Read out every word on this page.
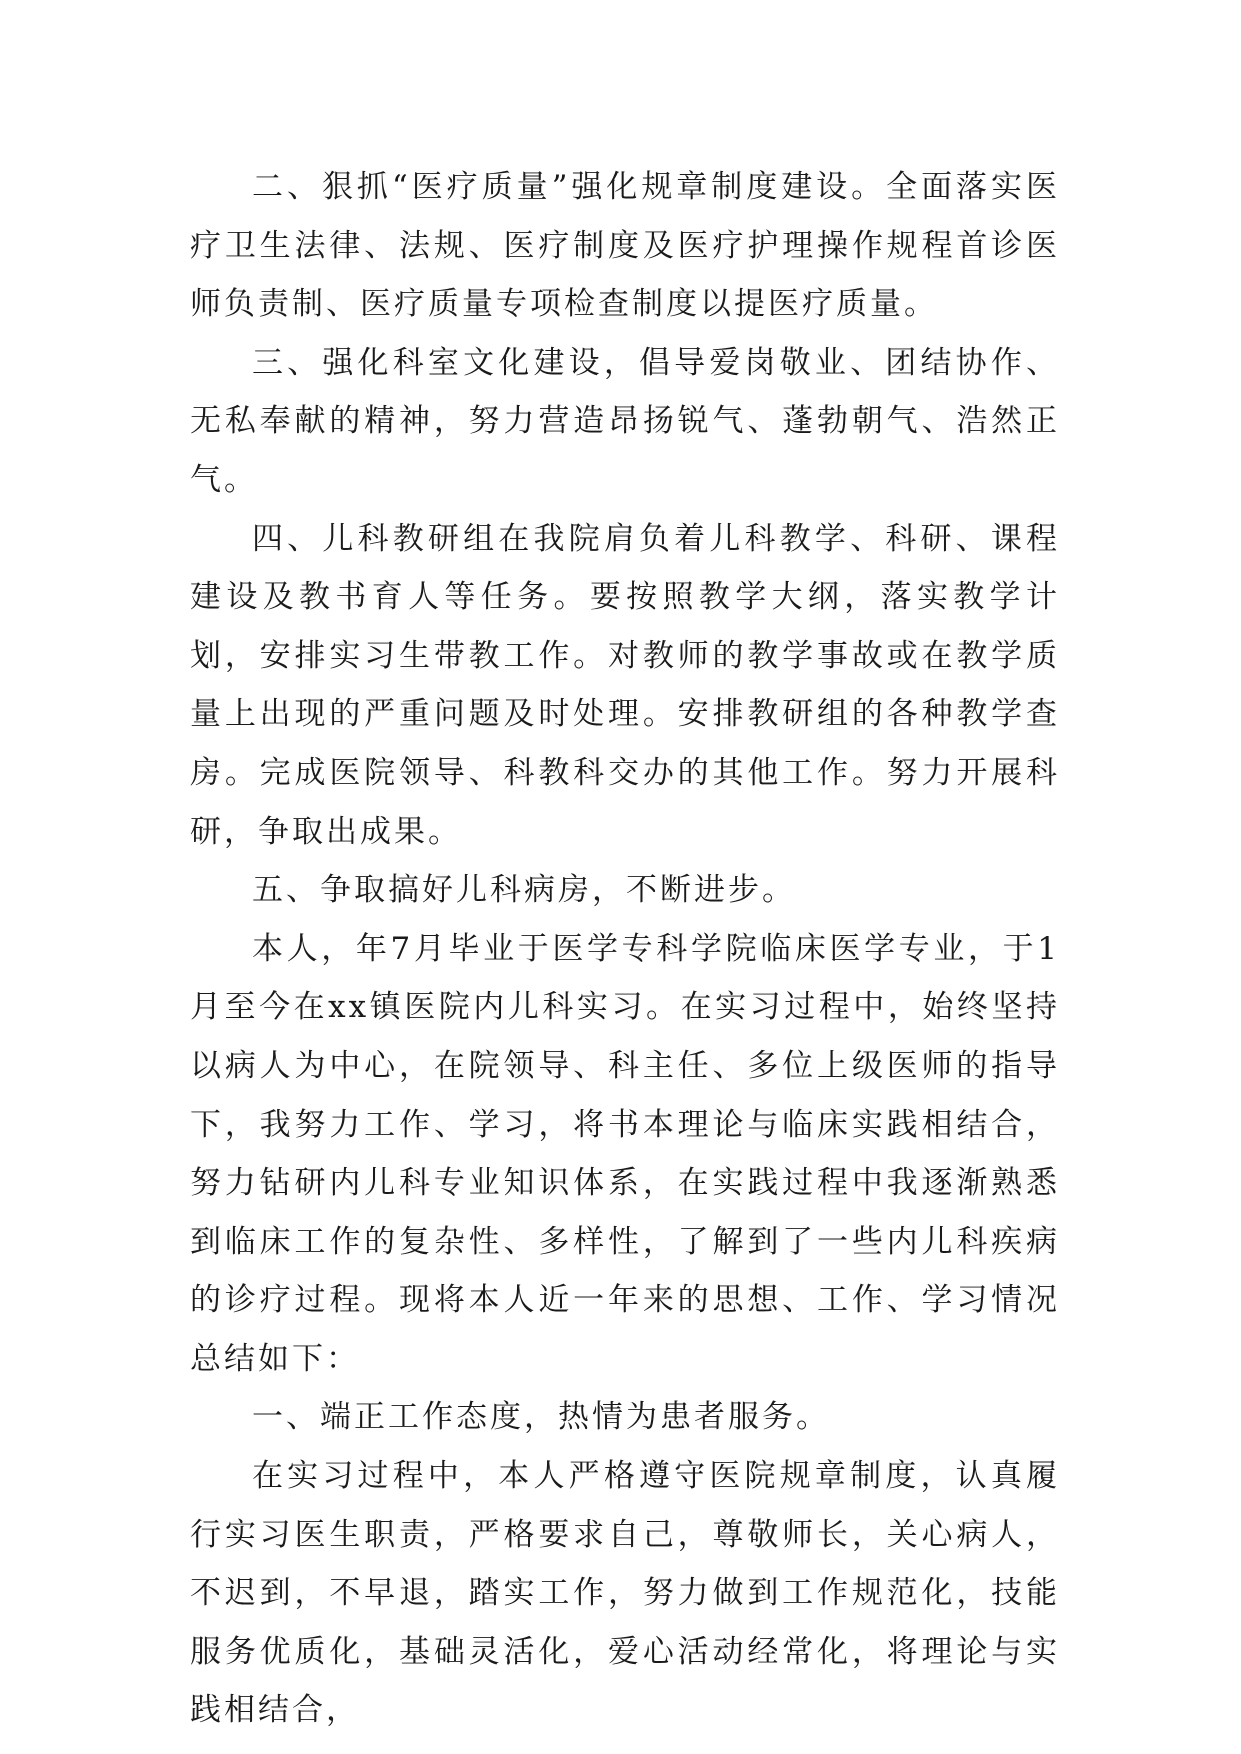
二、狠抓“医疗质量”强化规章制度建设。全面落实医疗卫生法律、法规、医疗制度及医疗护理操作规程首诊医师负责制、医疗质量专项检查制度以提医疗质量。

三、强化科室文化建设，倡导爱岗敬业、团结协作、无私奉献的精神，努力营造昂扬锐气、蓬勃朝气、浩然正气。

四、儿科教研组在我院肩负着儿科教学、科研、课程建设及教书育人等任务。要按照教学大纲，落实教学计划，安排实习生带教工作。对教师的教学事故或在教学质量上出现的严重问题及时处理。安排教研组的各种教学查房。完成医院领导、科教科交办的其他工作。努力开展科研，争取出成果。

五、争取搞好儿科病房，不断进步。

本人，年7月毕业于医学专科学院临床医学专业，于1月至今在xx镇医院内儿科实习。在实习过程中，始终坚持以病人为中心，在院领导、科主任、多位上级医师的指导下，我努力工作、学习，将书本理论与临床实践相结合，努力钻研内儿科专业知识体系，在实践过程中我逐渐熟悉到临床工作的复杂性、多样性，了解到了一些内儿科疾病的诊疗过程。现将本人近一年来的思想、工作、学习情况总结如下：

一、端正工作态度，热情为患者服务。

在实习过程中，本人严格遵守医院规章制度，认真履行实习医生职责，严格要求自己，尊敬师长，关心病人，不迟到，不早退，踏实工作，努力做到工作规范化，技能服务优质化，基础灵活化，爱心活动经常化，将理论与实践相结合，
